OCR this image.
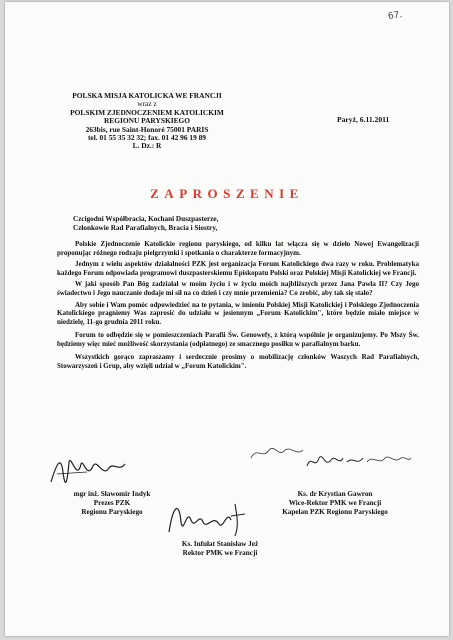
67.
POLSKA MISJA KATOLICKA WE FRANCJI
wraz z
POLSKIM ZJEDNOCZENIEM KATOLICKIM
REGIONU PARYSKIEGO
263bis, rue Saint-Honoré 75001 PARIS
tel. 01 55 35 32 32; fax. 01 42 96 19 89
L. Dz.: R
Paryż, 6.11.2011
ZAPROSZENIE
Czcigodni Współbracia, Kochani Duszpasterze,
Członkowie Rad Parafialnych, Bracia i Siostry,

Polskie Zjednoczenie Katolickie regionu paryskiego, od kilku lat włącza się w dzieło Nowej Ewangelizacji proponując różnego rodzaju pielgrzymki i spotkania o charakterze formacyjnym.

Jednym z wielu aspektów działalności PZK jest organizacja Forum Katolickiego dwa razy w roku. Problematyka każdego Forum odpowiada programowi duszpasterskiemu Episkopatu Polski oraz Polskiej Misji Katolickiej we Francji.

W jaki sposób Pan Bóg zadziałał w moim życiu i w życiu moich najbliższych przez Jana Pawła II? Czy Jego świadectwo i Jego nauczanie dodaje mi sił na co dzień i czy mnie przemienia? Co zrobić, aby tak się stało?

Aby sobie i Wam pomóc odpowiedzieć na te pytania, w imieniu Polskiej Misji Katolickiej i Polskiego Zjednoczenia Katolickiego pragniemy Was zaprosić do udziału w jesiennym „Forum Katolickim", które będzie miało miejsce w niedzielę, 11-go grudnia 2011 roku.

Forum to odbędzie się w pomieszczeniach Parafii Św. Genowefy, z którą wspólnie je organizujemy. Po Mszy Św. będziemy więc mieć możliwość skorzystania (odpłatnego) ze smacznego posiłku w parafialnym barku.

Wszystkich gorąco zapraszamy i serdecznie prosimy o mobilizację członków Waszych Rad Parafialnych, Stowarzyszeń i Grup, aby wzięli udział w „Forum Katolickim".

mgr inż. Sławomir Indyk
Prezes PZK
Regionu Paryskiego
Ks. dr Krystian Gawron
Wice-Rektor PMK we Francji
Kapelan PZK Regionu Paryskiego
Ks. Infułat Stanisław Jeż
Rektor PMK we Francji
